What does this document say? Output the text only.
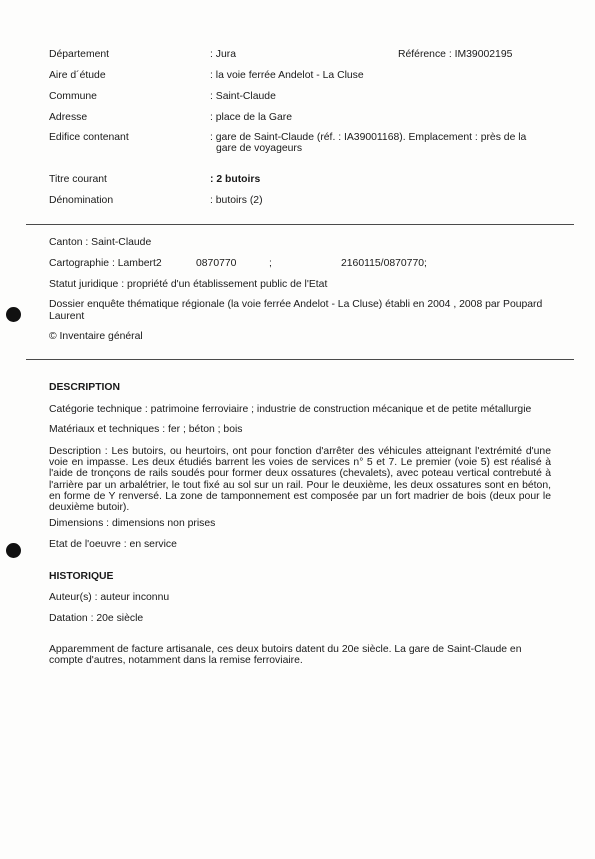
Département	: Jura	Référence : IM39002195
Aire d´étude	: la voie ferrée Andelot - La Cluse
Commune	: Saint-Claude
Adresse	: place de la Gare
Edifice contenant	: gare de Saint-Claude (réf. : IA39001168). Emplacement : près de la
gare de voyageurs
Titre courant	: 2 butoirs
Dénomination	: butoirs (2)
Canton : Saint-Claude
Cartographie : Lambert2	0870770	;	2160115/0870770;
Statut juridique : propriété d'un établissement public de l'Etat
Dossier enquête thématique régionale (la voie ferrée Andelot - La Cluse) établi en 2004 , 2008 par Poupard Laurent
© Inventaire général
DESCRIPTION
Catégorie technique : patrimoine ferroviaire ; industrie de construction mécanique et de petite métallurgie
Matériaux et techniques : fer ; béton ; bois
Description : Les butoirs, ou heurtoirs, ont pour fonction d'arrêter des véhicules atteignant l'extrémité d'une voie en impasse. Les deux étudiés barrent les voies de services n° 5 et 7. Le premier (voie 5) est réalisé à l'aide de tronçons de rails soudés pour former deux ossatures (chevalets), avec poteau vertical contrebuté à l'arrière par un arbalétrier, le tout fixé au sol sur un rail. Pour le deuxième, les deux ossatures sont en béton, en forme de Y renversé. La zone de tamponnement est composée par un fort madrier de bois (deux pour le deuxième butoir).
Dimensions : dimensions non prises
Etat de l'oeuvre : en service
HISTORIQUE
Auteur(s) : auteur inconnu
Datation : 20e siècle
Apparemment de facture artisanale, ces deux butoirs datent du 20e siècle. La gare de Saint-Claude en compte d'autres, notamment dans la remise ferroviaire.
